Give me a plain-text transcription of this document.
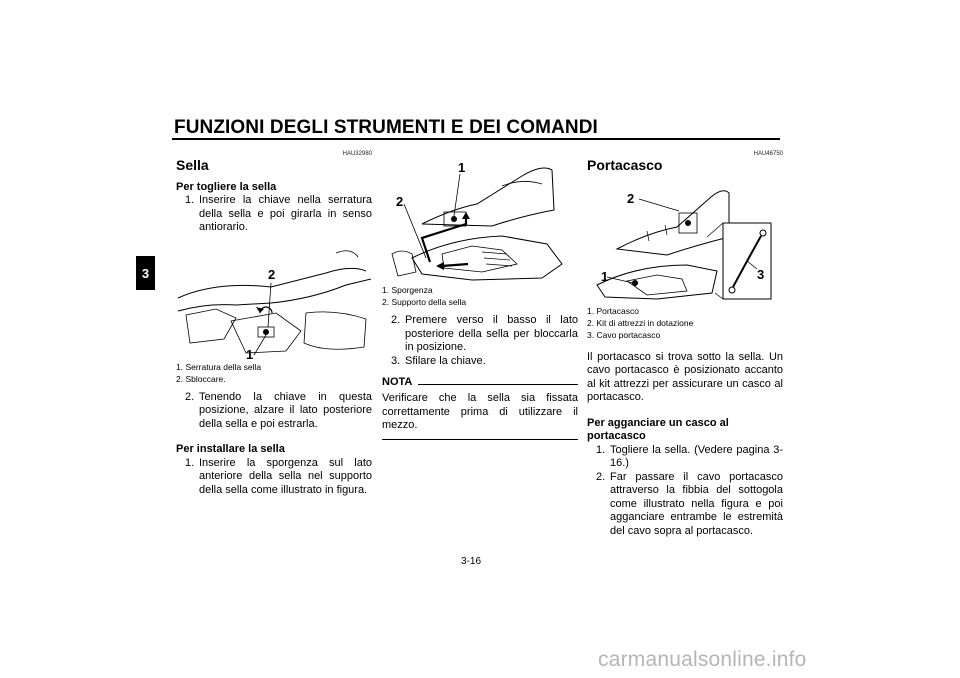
FUNZIONI DEGLI STRUMENTI E DEI COMANDI
3
HAU32980
Sella
Per togliere la sella
1. Inserire la chiave nella serratura della sella e poi girarla in senso antiorario.
1
2
1. Serratura della sella
2. Sbloccare.
2. Tenendo la chiave in questa posizione, alzare il lato posteriore della sella e poi estrarla.
Per installare la sella
1. Inserire la sporgenza sul lato anteriore della sella nel supporto della sella come illustrato in figura.
1
2
1. Sporgenza
2. Supporto della sella
2. Premere verso il basso il lato posteriore della sella per bloccarla in posizione.
3. Sfilare la chiave.
NOTA
Verificare che la sella sia fissata correttamente prima di utilizzare il mezzo.
HAU46750
Portacasco
1
2
3
1. Portacasco
2. Kit di attrezzi in dotazione
3. Cavo portacasco
Il portacasco si trova sotto la sella. Un cavo portacasco è posizionato accanto al kit attrezzi per assicurare un casco al portacasco.
Per agganciare un casco al portacasco
1. Togliere la sella. (Vedere pagina 3-16.)
2. Far passare il cavo portacasco attraverso la fibbia del sottogola come illustrato nella figura e poi agganciare entrambe le estremità del cavo sopra al portacasco.
3-16
carmanualsonline.info
